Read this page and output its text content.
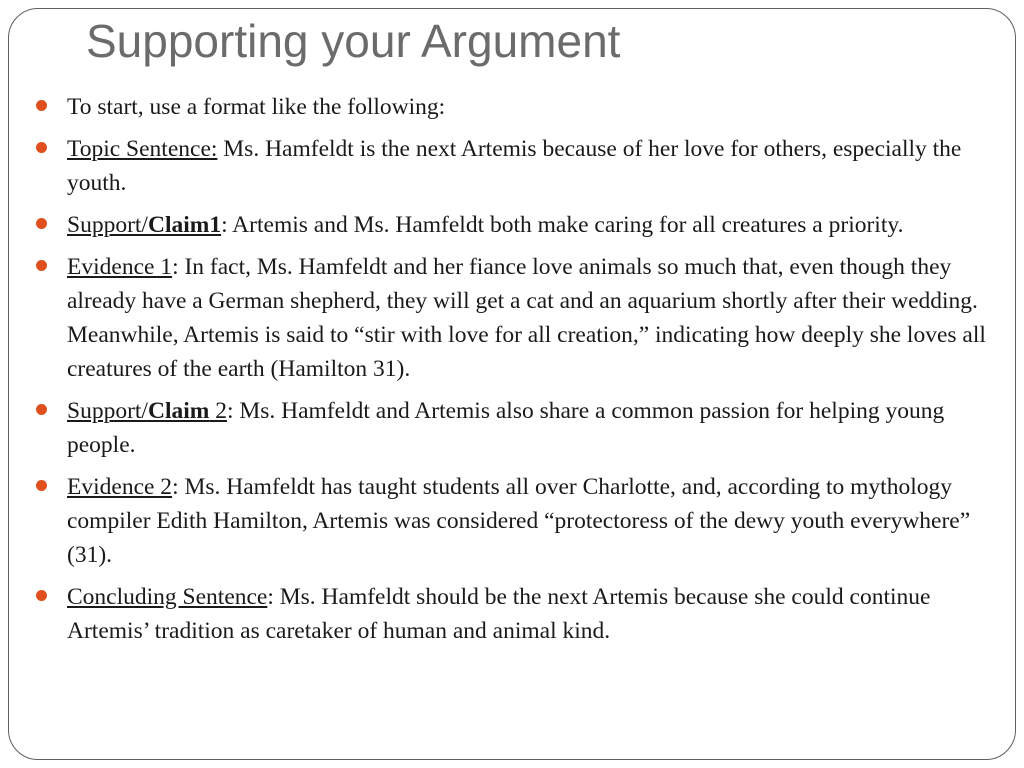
Supporting your Argument
To start, use a format like the following:
Topic Sentence: Ms. Hamfeldt is the next Artemis because of her love for others, especially the youth.
Support/Claim1: Artemis and Ms. Hamfeldt both make caring for all creatures a priority.
Evidence 1: In fact, Ms. Hamfeldt and her fiance love animals so much that, even though they already have a German shepherd, they will get a cat and an aquarium shortly after their wedding. Meanwhile, Artemis is said to “stir with love for all creation,” indicating how deeply she loves all creatures of the earth (Hamilton 31).
Support/Claim 2: Ms. Hamfeldt and Artemis also share a common passion for helping young people.
Evidence 2: Ms. Hamfeldt has taught students all over Charlotte, and, according to mythology compiler Edith Hamilton, Artemis was considered “protectoress of the dewy youth everywhere” (31).
Concluding Sentence: Ms. Hamfeldt should be the next Artemis because she could continue Artemis’ tradition as caretaker of human and animal kind.
